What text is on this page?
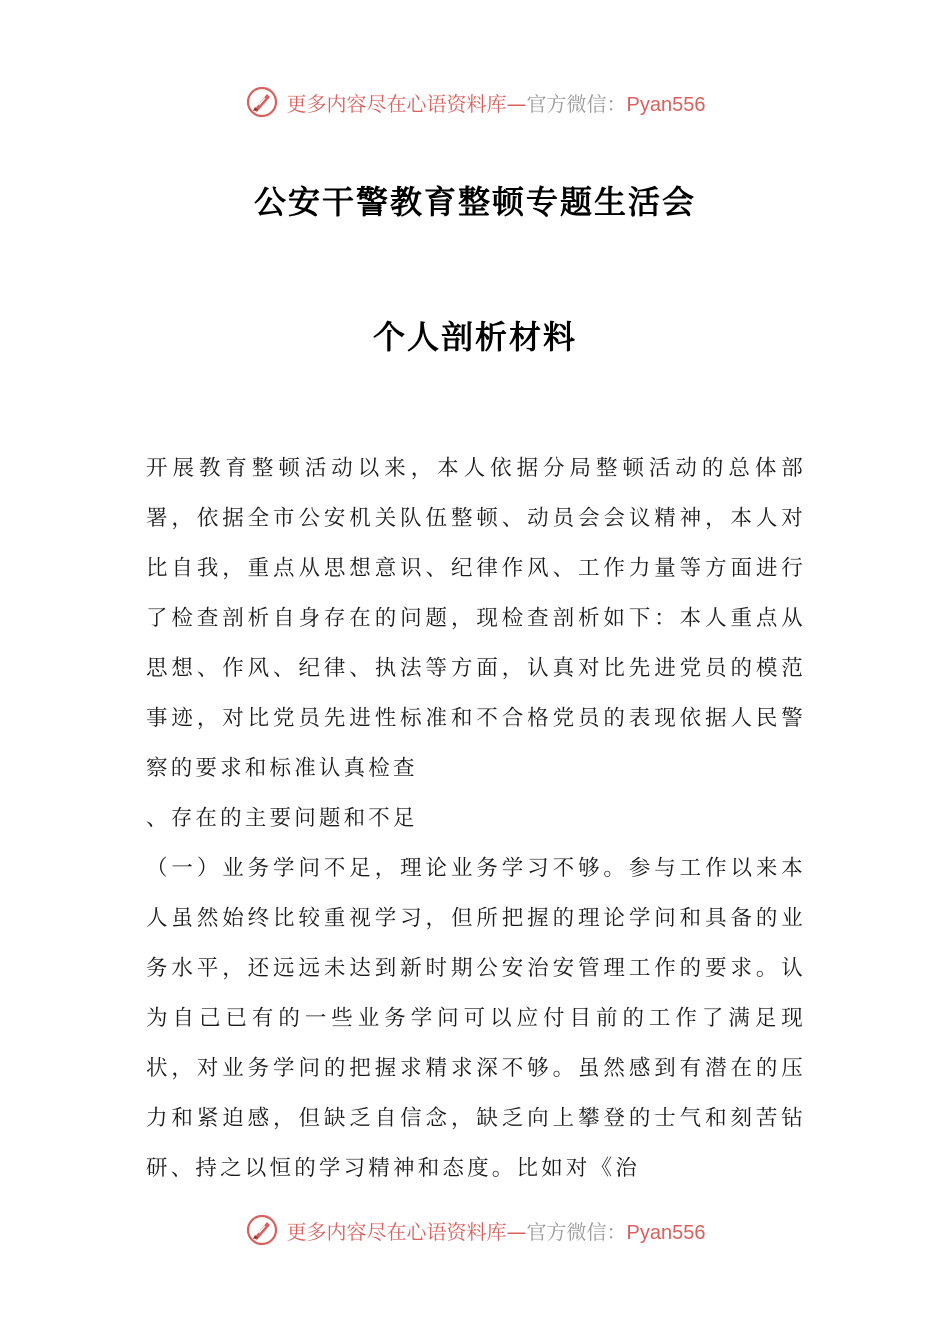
更多内容尽在心语资料库—官方微信：Pyan556
公安干警教育整顿专题生活会
个人剖析材料

开展教育整顿活动以来，本人依据分局整顿活动的总体部署，依据全市公安机关队伍整顿、动员会会议精神，本人对比自我，重点从思想意识、纪律作风、工作力量等方面进行了检查剖析自身存在的问题，现检查剖析如下：本人重点从思想、作风、纪律、执法等方面，认真对比先进党员的模范事迹，对比党员先进性标准和不合格党员的表现依据人民警察的要求和标准认真检查

、存在的主要问题和不足

（一）业务学问不足，理论业务学习不够。参与工作以来本人虽然始终比较重视学习，但所把握的理论学问和具备的业务水平，还远远未达到新时期公安治安管理工作的要求。认为自己已有的一些业务学问可以应付目前的工作了满足现状，对业务学问的把握求精求深不够。虽然感到有潜在的压力和紧迫感，但缺乏自信念，缺乏向上攀登的士气和刻苦钻研、持之以恒的学习精神和态度。比如对《治

更多内容尽在心语资料库—官方微信：Pyan556
